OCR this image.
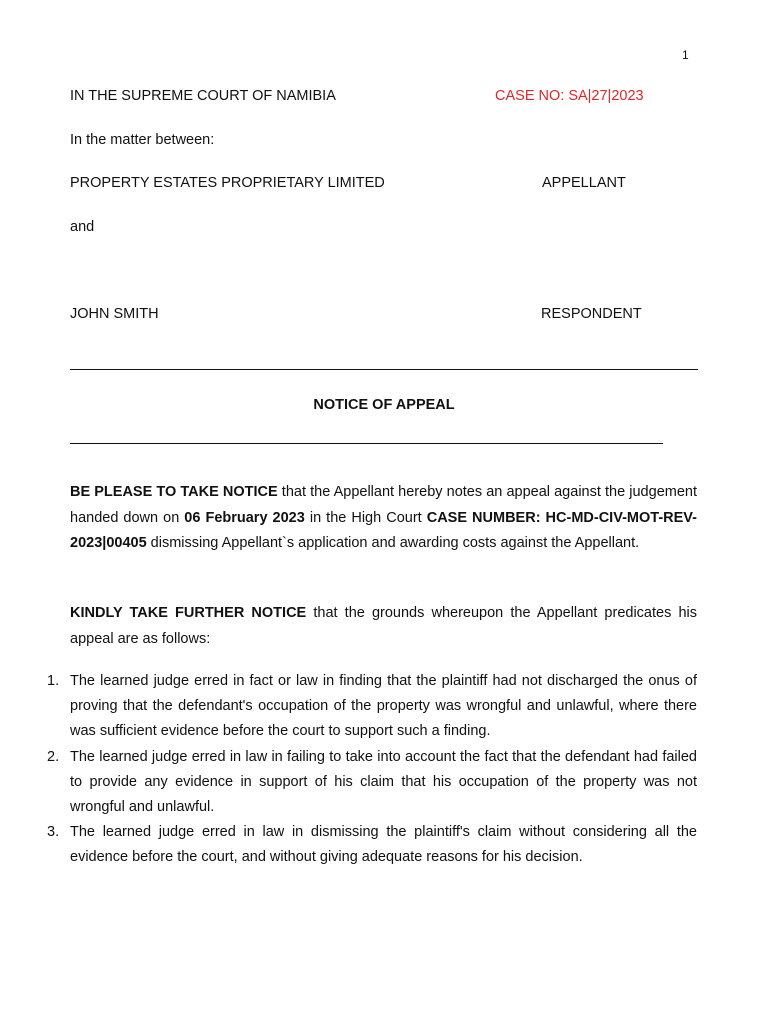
1
IN THE SUPREME COURT OF NAMIBIA	CASE NO: SA|27|2023
In the matter between:
PROPERTY ESTATES PROPRIETARY LIMITED	APPELLANT
and
JOHN SMITH	RESPONDENT
NOTICE OF APPEAL

BE PLEASE TO TAKE NOTICE that the Appellant hereby notes an appeal against the judgement handed down on 06 February 2023 in the High Court CASE NUMBER: HC-MD-CIV-MOT-REV-2023|00405 dismissing Appellant`s application and awarding costs against the Appellant.

KINDLY TAKE FURTHER NOTICE that the grounds whereupon the Appellant predicates his appeal are as follows:

1. The learned judge erred in fact or law in finding that the plaintiff had not discharged the onus of proving that the defendant's occupation of the property was wrongful and unlawful, where there was sufficient evidence before the court to support such a finding.
2. The learned judge erred in law in failing to take into account the fact that the defendant had failed to provide any evidence in support of his claim that his occupation of the property was not wrongful and unlawful.
3. The learned judge erred in law in dismissing the plaintiff's claim without considering all the evidence before the court, and without giving adequate reasons for his decision.
